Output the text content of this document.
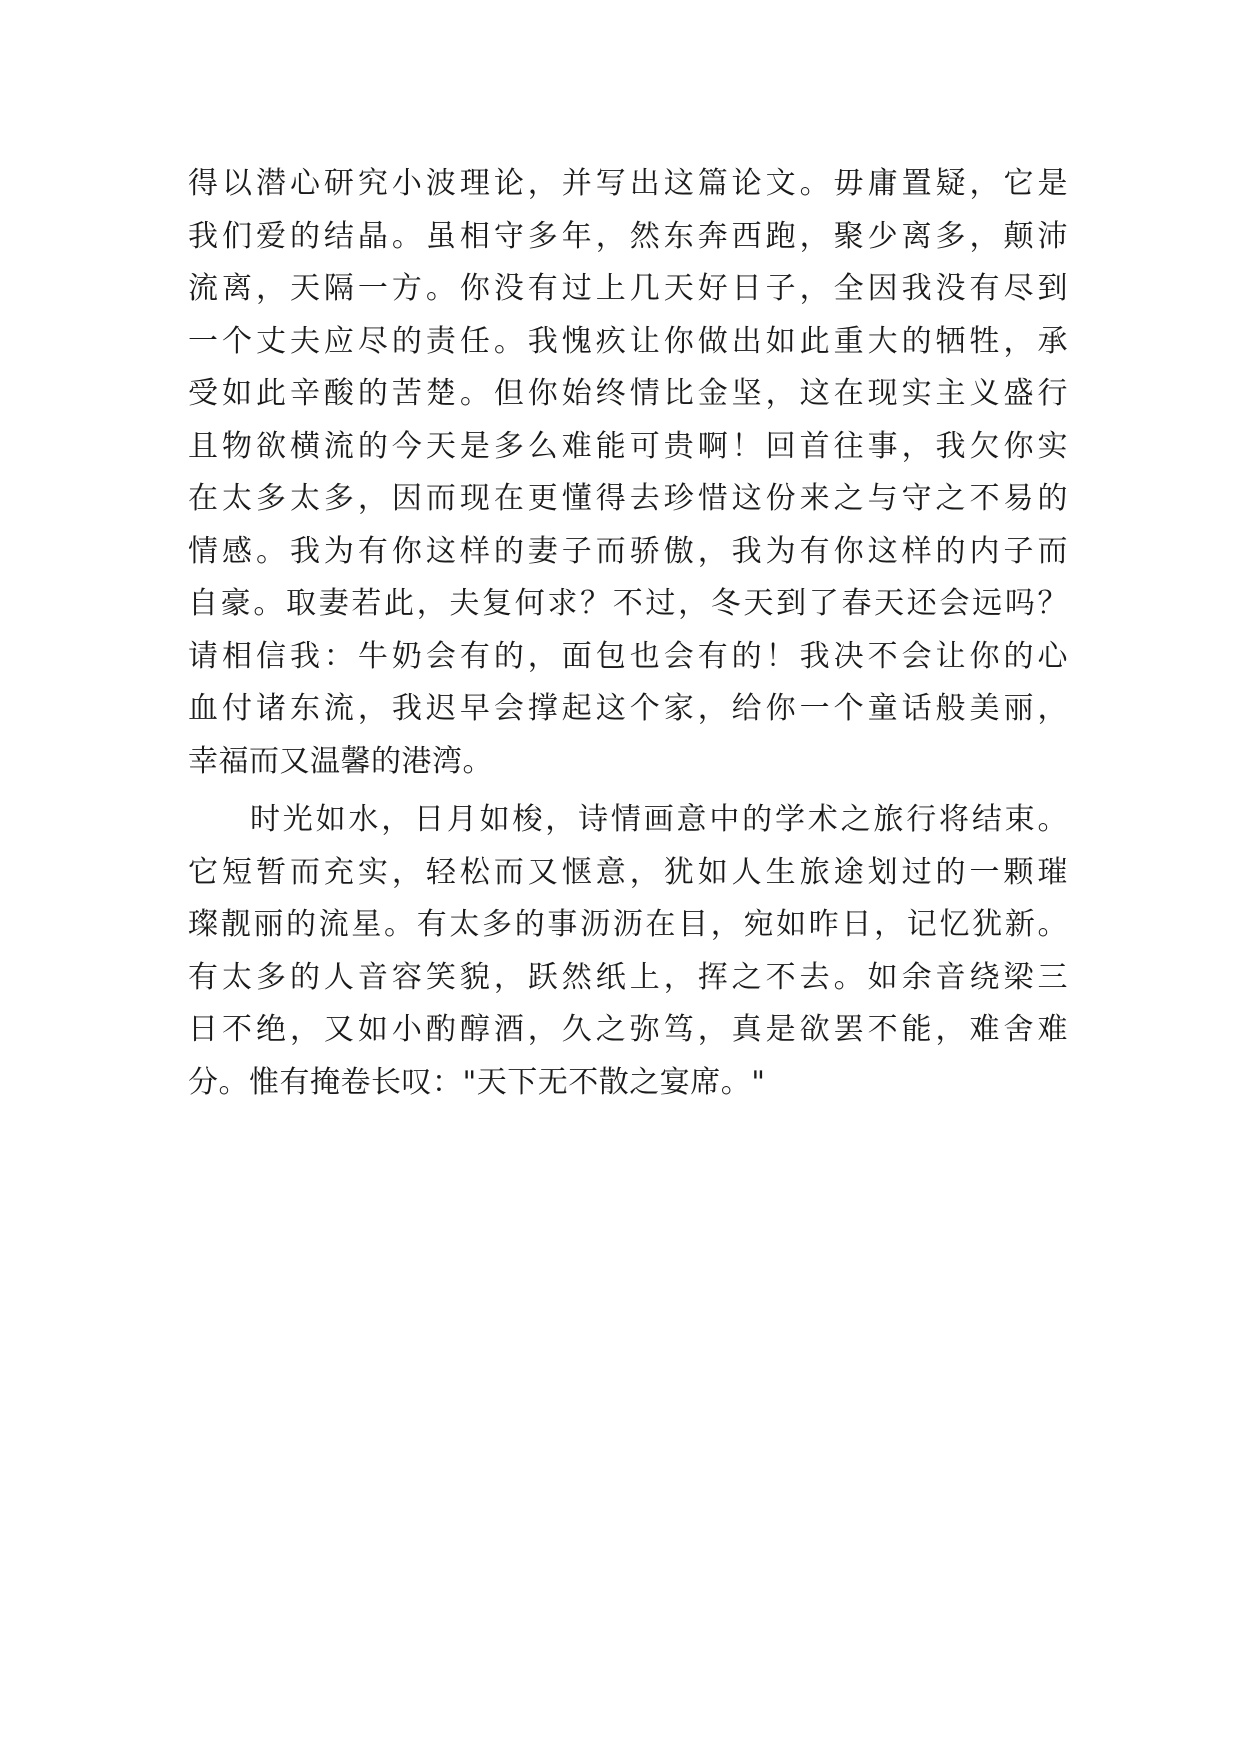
得以潜心研究小波理论，并写出这篇论文。毋庸置疑，它是
我们爱的结晶。虽相守多年，然东奔西跑，聚少离多，颠沛
流离，天隔一方。你没有过上几天好日子，全因我没有尽到
一个丈夫应尽的责任。我愧疚让你做出如此重大的牺牲，承
受如此辛酸的苦楚。但你始终情比金坚，这在现实主义盛行
且物欲横流的今天是多么难能可贵啊！回首往事，我欠你实
在太多太多，因而现在更懂得去珍惜这份来之与守之不易的
情感。我为有你这样的妻子而骄傲，我为有你这样的内子而
自豪。取妻若此，夫复何求？不过，冬天到了春天还会远吗？
请相信我：牛奶会有的，面包也会有的！我决不会让你的心
血付诸东流，我迟早会撑起这个家，给你一个童话般美丽，
幸福而又温馨的港湾。
时光如水，日月如梭，诗情画意中的学术之旅行将结束。
它短暂而充实，轻松而又惬意，犹如人生旅途划过的一颗璀
璨靓丽的流星。有太多的事沥沥在目，宛如昨日，记忆犹新。
有太多的人音容笑貌，跃然纸上，挥之不去。如余音绕梁三
日不绝，又如小酌醇酒，久之弥笃，真是欲罢不能，难舍难
分。惟有掩卷长叹："天下无不散之宴席。"
